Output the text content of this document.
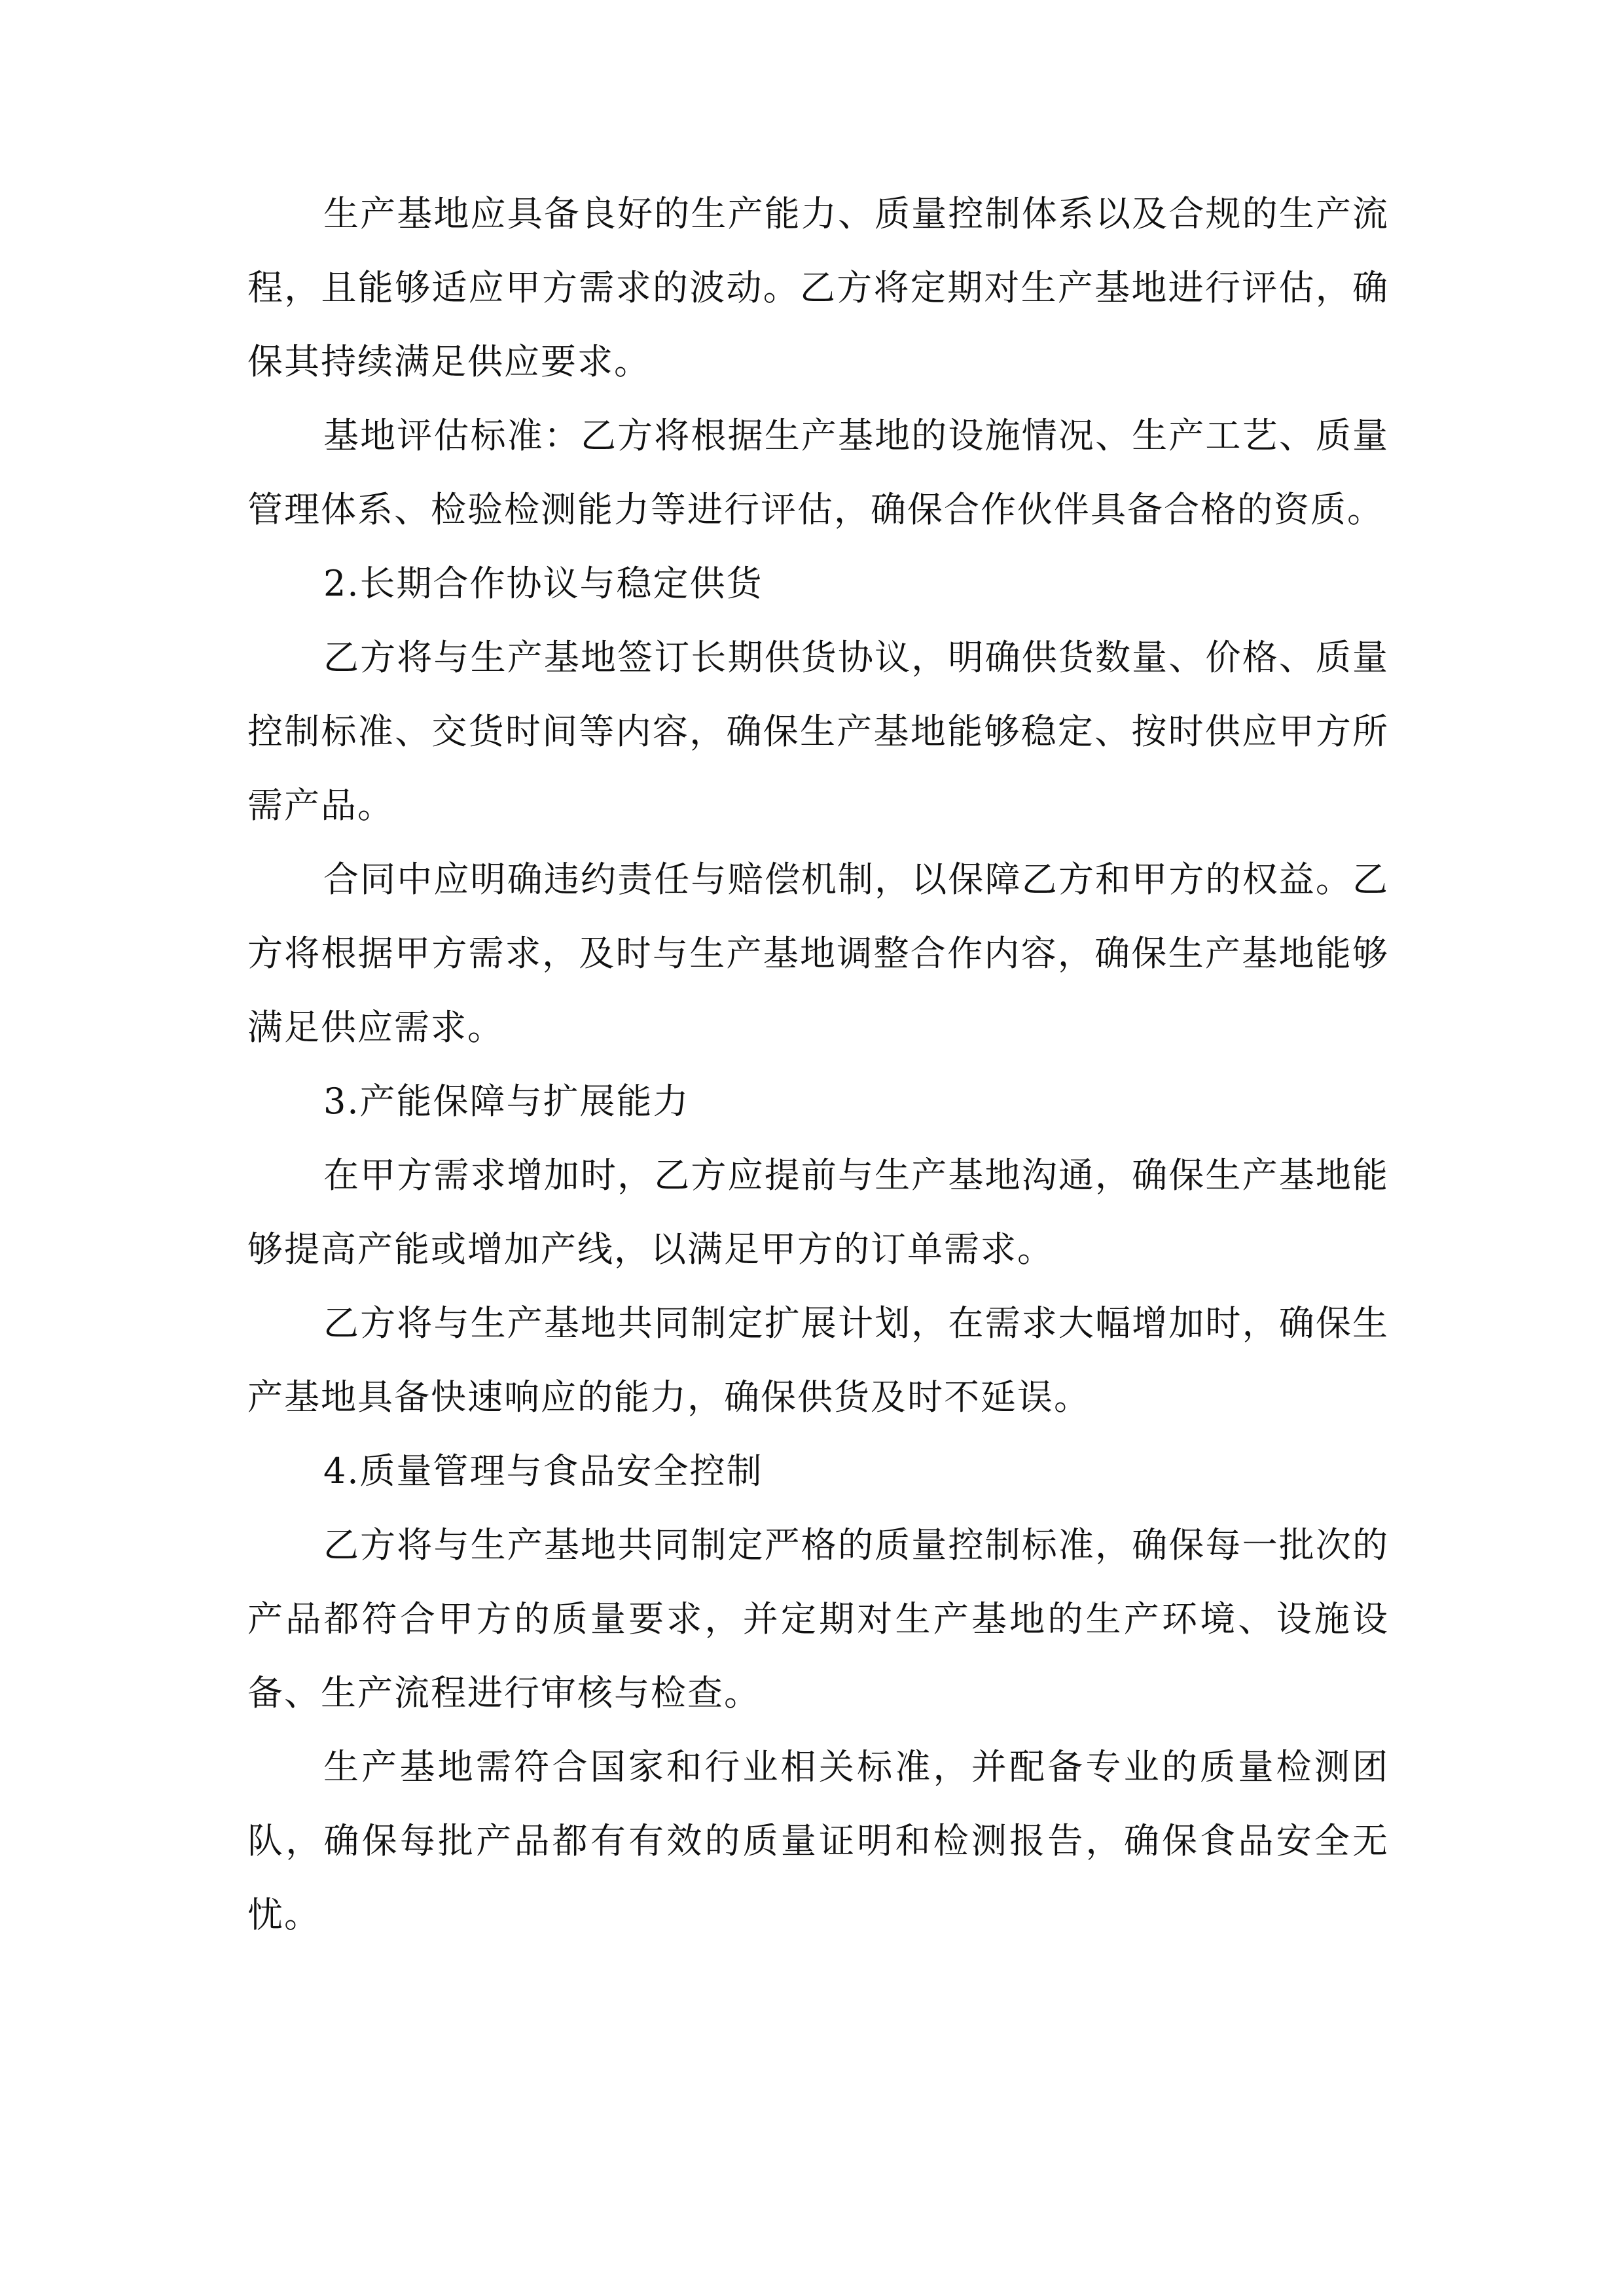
生产基地应具备良好的生产能力、质量控制体系以及合规的生产流程，且能够适应甲方需求的波动。乙方将定期对生产基地进行评估，确保其持续满足供应要求。

基地评估标准：乙方将根据生产基地的设施情况、生产工艺、质量管理体系、检验检测能力等进行评估，确保合作伙伴具备合格的资质。

2.长期合作协议与稳定供货

乙方将与生产基地签订长期供货协议，明确供货数量、价格、质量控制标准、交货时间等内容，确保生产基地能够稳定、按时供应甲方所需产品。

合同中应明确违约责任与赔偿机制，以保障乙方和甲方的权益。乙方将根据甲方需求，及时与生产基地调整合作内容，确保生产基地能够满足供应需求。

3.产能保障与扩展能力

在甲方需求增加时，乙方应提前与生产基地沟通，确保生产基地能够提高产能或增加产线，以满足甲方的订单需求。

乙方将与生产基地共同制定扩展计划，在需求大幅增加时，确保生产基地具备快速响应的能力，确保供货及时不延误。

4.质量管理与食品安全控制

乙方将与生产基地共同制定严格的质量控制标准，确保每一批次的产品都符合甲方的质量要求，并定期对生产基地的生产环境、设施设备、生产流程进行审核与检查。

生产基地需符合国家和行业相关标准，并配备专业的质量检测团队，确保每批产品都有有效的质量证明和检测报告，确保食品安全无忧。
